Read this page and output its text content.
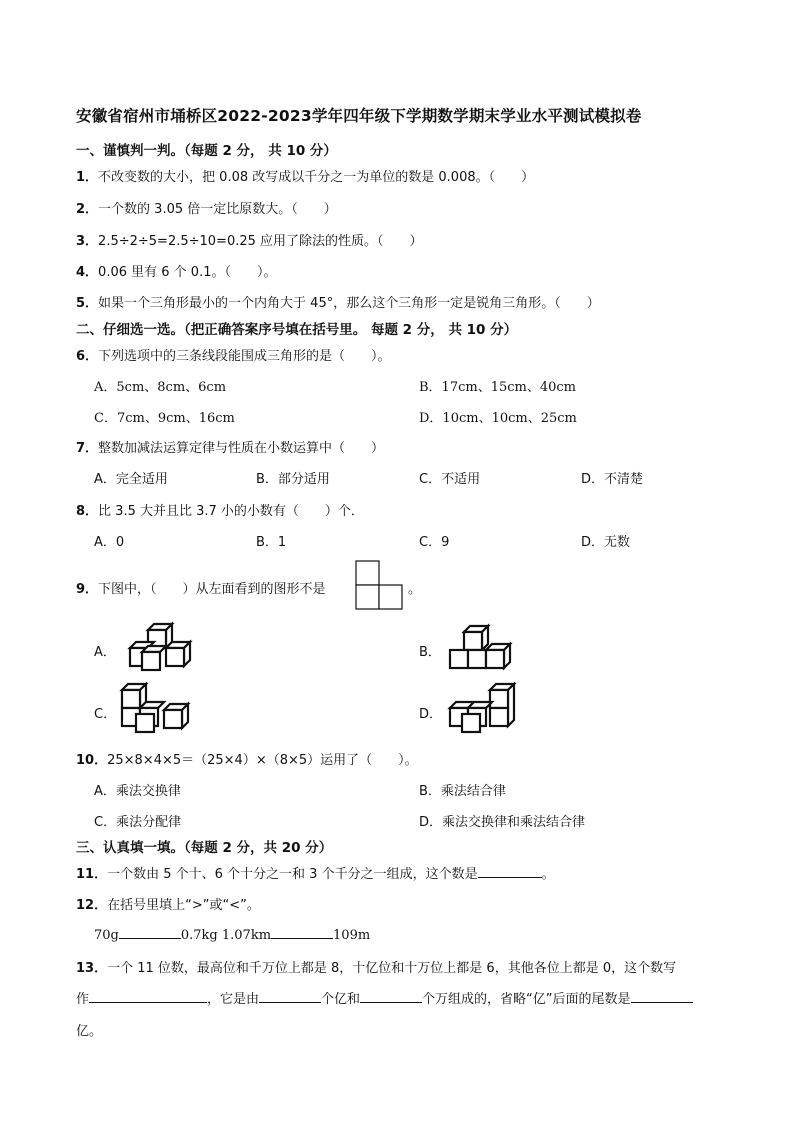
安徽省宿州市埇桥区2022-2023学年四年级下学期数学期末学业水平测试模拟卷
一、谨慎判一判。（每题 2 分， 共 10 分）
1．不改变数的大小，把 0.08 改写成以千分之一为单位的数是 0.008。（　　）
2．一个数的 3.05 倍一定比原数大。（　　）
3．2.5÷2÷5=2.5÷10=0.25 应用了除法的性质。（　　）
4．0.06 里有 6 个 0.1。（　　）。
5．如果一个三角形最小的一个内角大于 45°，那么这个三角形一定是锐角三角形。（　　）
二、仔细选一选。（把正确答案序号填在括号里。 每题 2 分， 共 10 分）
6．下列选项中的三条线段能围成三角形的是（　　）。
A．5cm、8cm、6cm	B．17cm、15cm、40cm
C．7cm、9cm、16cm	D．10cm、10cm、25cm
7．整数加减法运算定律与性质在小数运算中（　　）
A．完全适用	B．部分适用	C．不适用	D．不清楚
8．比 3.5 大并且比 3.7 小的小数有（　　）个．
A．0	B．1	C．9	D．无数
9．下图中，（　　）从左面看到的图形不是	。
A．	B．
C．	D．
10．25×8×4×5＝（25×4）×（8×5）运用了（　　）。
A．乘法交换律	B．乘法结合律
C．乘法分配律	D．乘法交换律和乘法结合律
三、认真填一填。（每题 2 分，共 20 分）
11．一个数由 5 个十、6 个十分之一和 3 个千分之一组成，这个数是	。
12．在括号里填上“>”或“<”。
70g	0.7kg 1.07km	109m
13．一个 11 位数，最高位和千万位上都是 8，十亿位和十万位上都是 6，其他各位上都是 0，这个数写
作	，它是由	个亿和	个万组成的，省略“亿”后面的尾数是
亿。
